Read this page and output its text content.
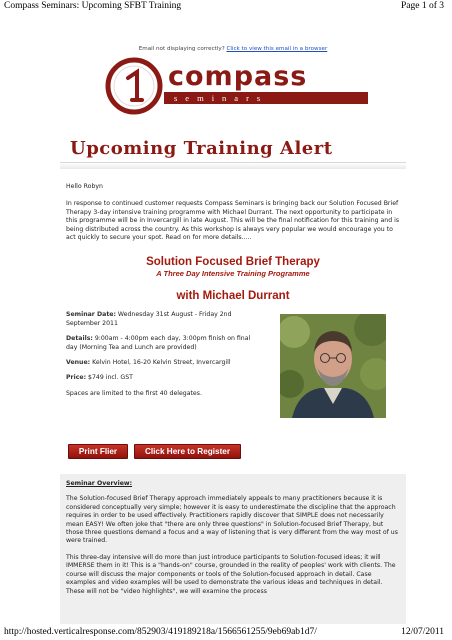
Compass Seminars: Upcoming SFBT Training	Page 1 of 3
Email not displaying correctly? Click to view this email in a browser
compass
seminars
Upcoming Training Alert
Hello Robyn
In response to continued customer requests Compass Seminars is bringing back our Solution Focused Brief Therapy 3-day intensive training programme with Michael Durrant. The next opportunity to participate in this programme will be in Invercargill in late August. This will be the final notification for this training and is being distributed across the country. As this workshop is always very popular we would encourage you to act quickly to secure your spot. Read on for more details.....
Solution Focused Brief Therapy
A Three Day Intensive Training Programme
with Michael Durrant

Seminar Date: Wednesday 31st August - Friday 2nd September 2011

Details: 9:00am - 4:00pm each day, 3:00pm finish on final day (Morning Tea and Lunch are provided)

Venue: Kelvin Hotel, 16-20 Kelvin Street, Invercargill

Price: $749 incl. GST

Spaces are limited to the first 40 delegates.

Print Flier	Click Here to Register
Seminar Overview:

The Solution-focused Brief Therapy approach immediately appeals to many practitioners because it is considered conceptually very simple; however it is easy to underestimate the discipline that the approach requires in order to be used effectively. Practitioners rapidly discover that SIMPLE does not necessarily mean EASY! We often joke that "there are only three questions" in Solution-focused Brief Therapy, but those three questions demand a focus and a way of listening that is very different from the way most of us were trained.

This three-day intensive will do more than just introduce participants to Solution-focused ideas; it will IMMERSE them in it! This is a "hands-on" course, grounded in the reality of peoples' work with clients. The course will discuss the major components or tools of the Solution-focused approach in detail. Case examples and video examples will be used to demonstrate the various ideas and techniques in detail. These will not be "video highlights", we will examine the process

http://hosted.verticalresponse.com/852903/419189218a/1566561255/9eb69ab1d7/	12/07/2011
